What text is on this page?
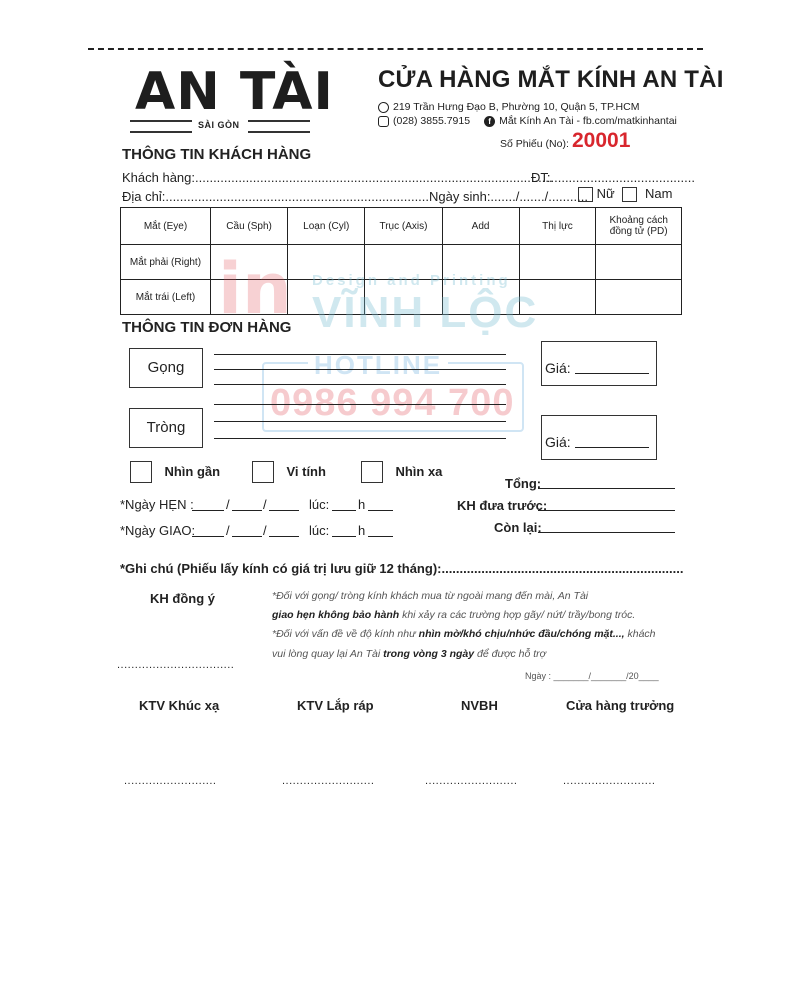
AN TÀI
SÀI GÒN
CỬA HÀNG MẮT KÍNH AN TÀI
219 Trần Hưng Đạo B, Phường 10, Quận 5, TP.HCM
(028) 3855.7915	f Mắt Kính An Tài - fb.com/matkinhantai
Số Phiếu (No): 20001
THÔNG TIN KHÁCH HÀNG
Khách hàng:...................................................................................................
ĐT:........................................
Địa chỉ:.........................................................................Ngày sinh:......./......./........... Nữ Nam
Mắt (Eye)	Cầu (Sph)	Loạn (Cyl)	Trục (Axis)	Add	Thị lực	Khoảng cách đồng tử (PD)
Mắt phải (Right)						
Mắt trái (Left)						in Design and Printing
VĨNH LỘC
HOTLINE
0986 994 700
THÔNG TIN ĐƠN HÀNG
Gọng
Tròng
Giá:
Giá:
Nhìn gần	Vi tính	Nhìn xa
Tổng:
KH đưa trước:
Còn lại:
*Ngày HẸN : /	/	lúc: h
*Ngày GIAO: /	/	lúc: h
*Ghi chú (Phiếu lấy kính có giá trị lưu giữ 12 tháng):...................................................................
KH đồng ý
.................................
*Đối với gọng/ tròng kính khách mua từ ngoài mang đến mài, An Tài
giao hẹn không bảo hành khi xảy ra các trường hợp gãy/ nứt/ trầy/bong tróc.
*Đối với vấn đề về độ kính như nhìn mờ/khó chịu/nhức đầu/chóng mặt..., khách
vui lòng quay lại An Tài trong vòng 3 ngày để được hỗ trợ
Ngày : _______/_______/20____
KTV Khúc xạ	KTV Lắp ráp	NVBH	Cửa hàng trưởng
..........................	..........................	..........................	..........................
